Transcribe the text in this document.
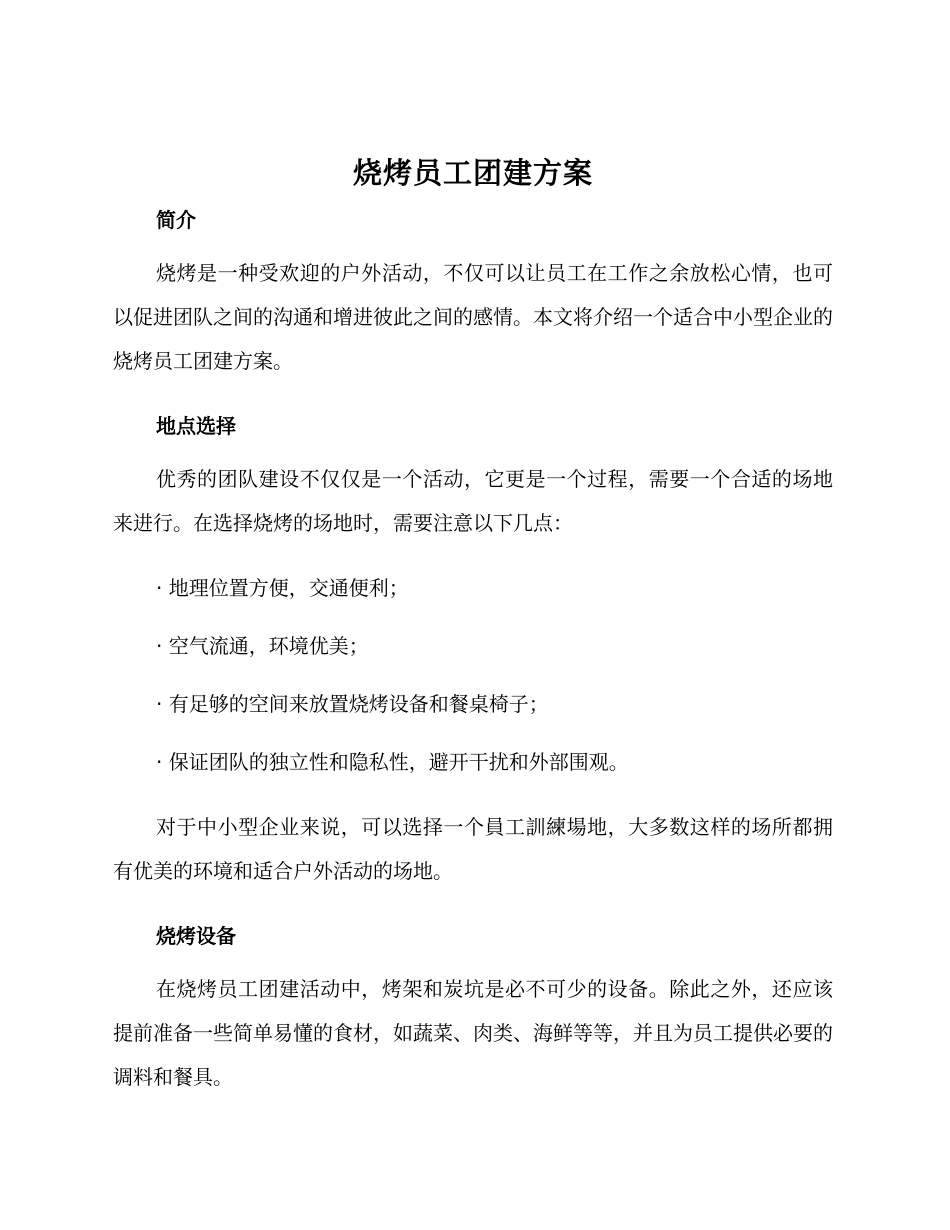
烧烤员工团建方案
简介

烧烤是一种受欢迎的户外活动，不仅可以让员工在工作之余放松心情，也可以促进团队之间的沟通和增进彼此之间的感情。本文将介绍一个适合中小型企业的烧烤员工团建方案。

地点选择

优秀的团队建设不仅仅是一个活动，它更是一个过程，需要一个合适的场地来进行。在选择烧烤的场地时，需要注意以下几点：

· 地理位置方便，交通便利；

· 空气流通，环境优美；

· 有足够的空间来放置烧烤设备和餐桌椅子；

· 保证团队的独立性和隐私性，避开干扰和外部围观。

对于中小型企业来说，可以选择一个員工訓練場地，大多数这样的场所都拥有优美的环境和适合户外活动的场地。

烧烤设备

在烧烤员工团建活动中，烤架和炭坑是必不可少的设备。除此之外，还应该提前准备一些简单易懂的食材，如蔬菜、肉类、海鲜等等，并且为员工提供必要的调料和餐具。
